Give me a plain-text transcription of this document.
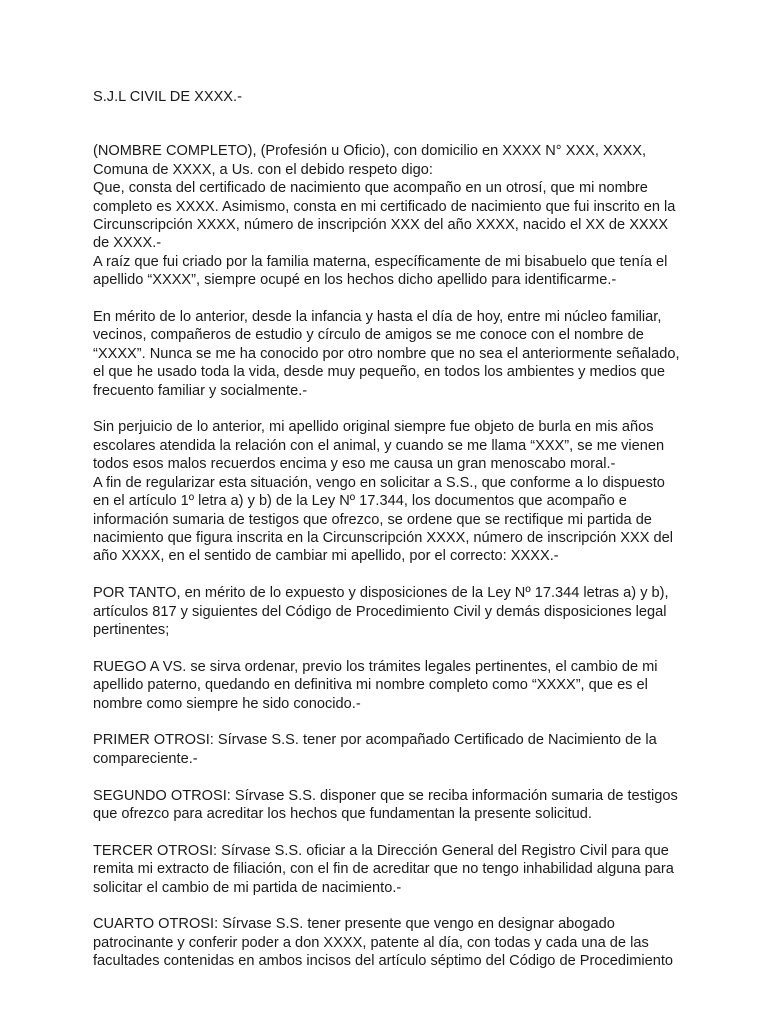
S.J.L CIVIL DE XXXX.-

(NOMBRE COMPLETO), (Profesión u Oficio), con domicilio en XXXX N° XXX, XXXX, Comuna de XXXX, a Us. con el debido respeto digo:

Que, consta del certificado de nacimiento que acompaño en un otrosí, que mi nombre completo es XXXX. Asimismo, consta en mi certificado de nacimiento que fui inscrito en la Circunscripción XXXX, número de inscripción XXX del año XXXX, nacido el XX de XXXX de XXXX.-

A raíz que fui criado por la familia materna, específicamente de mi bisabuelo que tenía el apellido “XXXX”, siempre ocupé en los hechos dicho apellido para identificarme.-

En mérito de lo anterior, desde la infancia y hasta el día de hoy, entre mi núcleo familiar, vecinos, compañeros de estudio y círculo de amigos se me conoce con el nombre de “XXXX”. Nunca se me ha conocido por otro nombre que no sea el anteriormente señalado, el que he usado toda la vida, desde muy pequeño, en todos los ambientes y medios que frecuento familiar y socialmente.-

Sin perjuicio de lo anterior, mi apellido original siempre fue objeto de burla en mis años escolares atendida la relación con el animal, y cuando se me llama “XXX”, se me vienen todos esos malos recuerdos encima y eso me causa un gran menoscabo moral.-

A fin de regularizar esta situación, vengo en solicitar a S.S., que conforme a lo dispuesto en el artículo 1º letra a) y b) de la Ley Nº 17.344, los documentos que acompaño e información sumaria de testigos que ofrezco, se ordene que se rectifique mi partida de nacimiento que figura inscrita en la Circunscripción XXXX, número de inscripción XXX del año XXXX, en el sentido de cambiar mi apellido, por el correcto: XXXX.-

POR TANTO, en mérito de lo expuesto y disposiciones de la Ley Nº 17.344 letras a) y b), artículos 817 y siguientes del Código de Procedimiento Civil y demás disposiciones legal pertinentes;

RUEGO A VS. se sirva ordenar, previo los trámites legales pertinentes, el cambio de mi apellido paterno, quedando en definitiva mi nombre completo como “XXXX”, que es el nombre como siempre he sido conocido.-

PRIMER OTROSI: Sírvase S.S. tener por acompañado Certificado de Nacimiento de la compareciente.-

SEGUNDO OTROSI: Sírvase S.S. disponer que se reciba información sumaria de testigos que ofrezco para acreditar los hechos que fundamentan la presente solicitud.

TERCER OTROSI: Sírvase S.S. oficiar a la Dirección General del Registro Civil para que remita mi extracto de filiación, con el fin de acreditar que no tengo inhabilidad alguna para solicitar el cambio de mi partida de nacimiento.-

CUARTO OTROSI: Sírvase S.S. tener presente que vengo en designar abogado patrocinante y conferir poder a don XXXX, patente al día, con todas y cada una de las facultades contenidas en ambos incisos del artículo séptimo del Código de Procedimiento
